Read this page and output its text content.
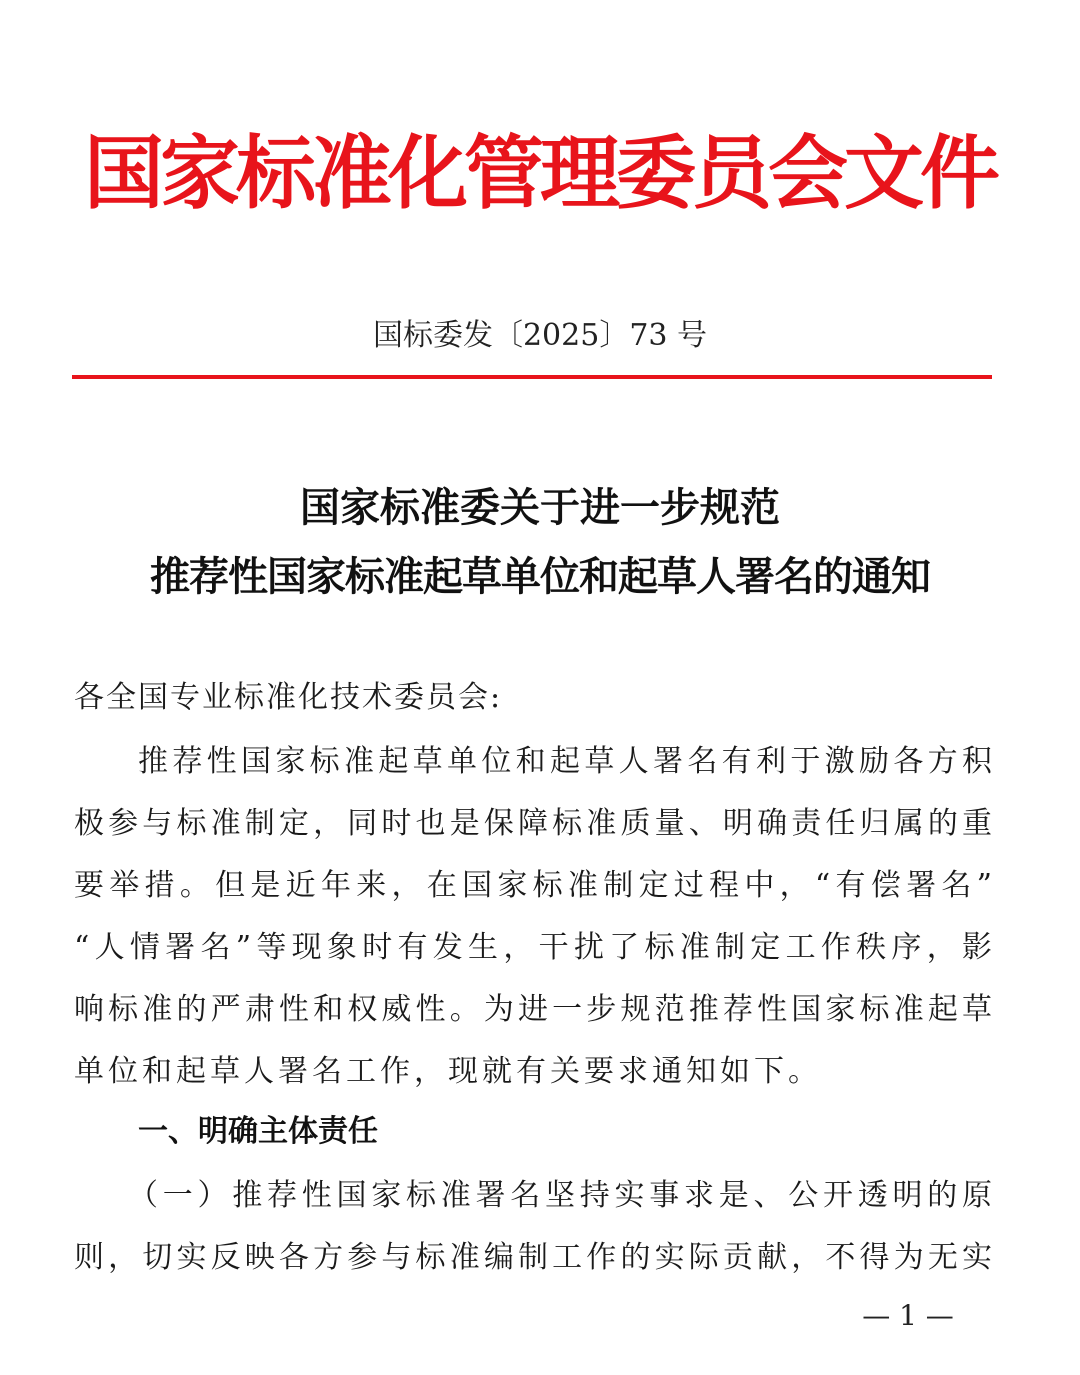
国家标准化管理委员会文件
国标委发〔2025〕73 号
国家标准委关于进一步规范
推荐性国家标准起草单位和起草人署名的通知
各全国专业标准化技术委员会:
推荐性国家标准起草单位和起草人署名有利于激励各方积
极参与标准制定，同时也是保障标准质量、明确责任归属的重
要举措。但是近年来，在国家标准制定过程中，“有偿署名”
“人情署名”等现象时有发生，干扰了标准制定工作秩序，影
响标准的严肃性和权威性。为进一步规范推荐性国家标准起草
单位和起草人署名工作，现就有关要求通知如下。
一、明确主体责任
（一）推荐性国家标准署名坚持实事求是、公开透明的原
则，切实反映各方参与标准编制工作的实际贡献，不得为无实
— 1 —
